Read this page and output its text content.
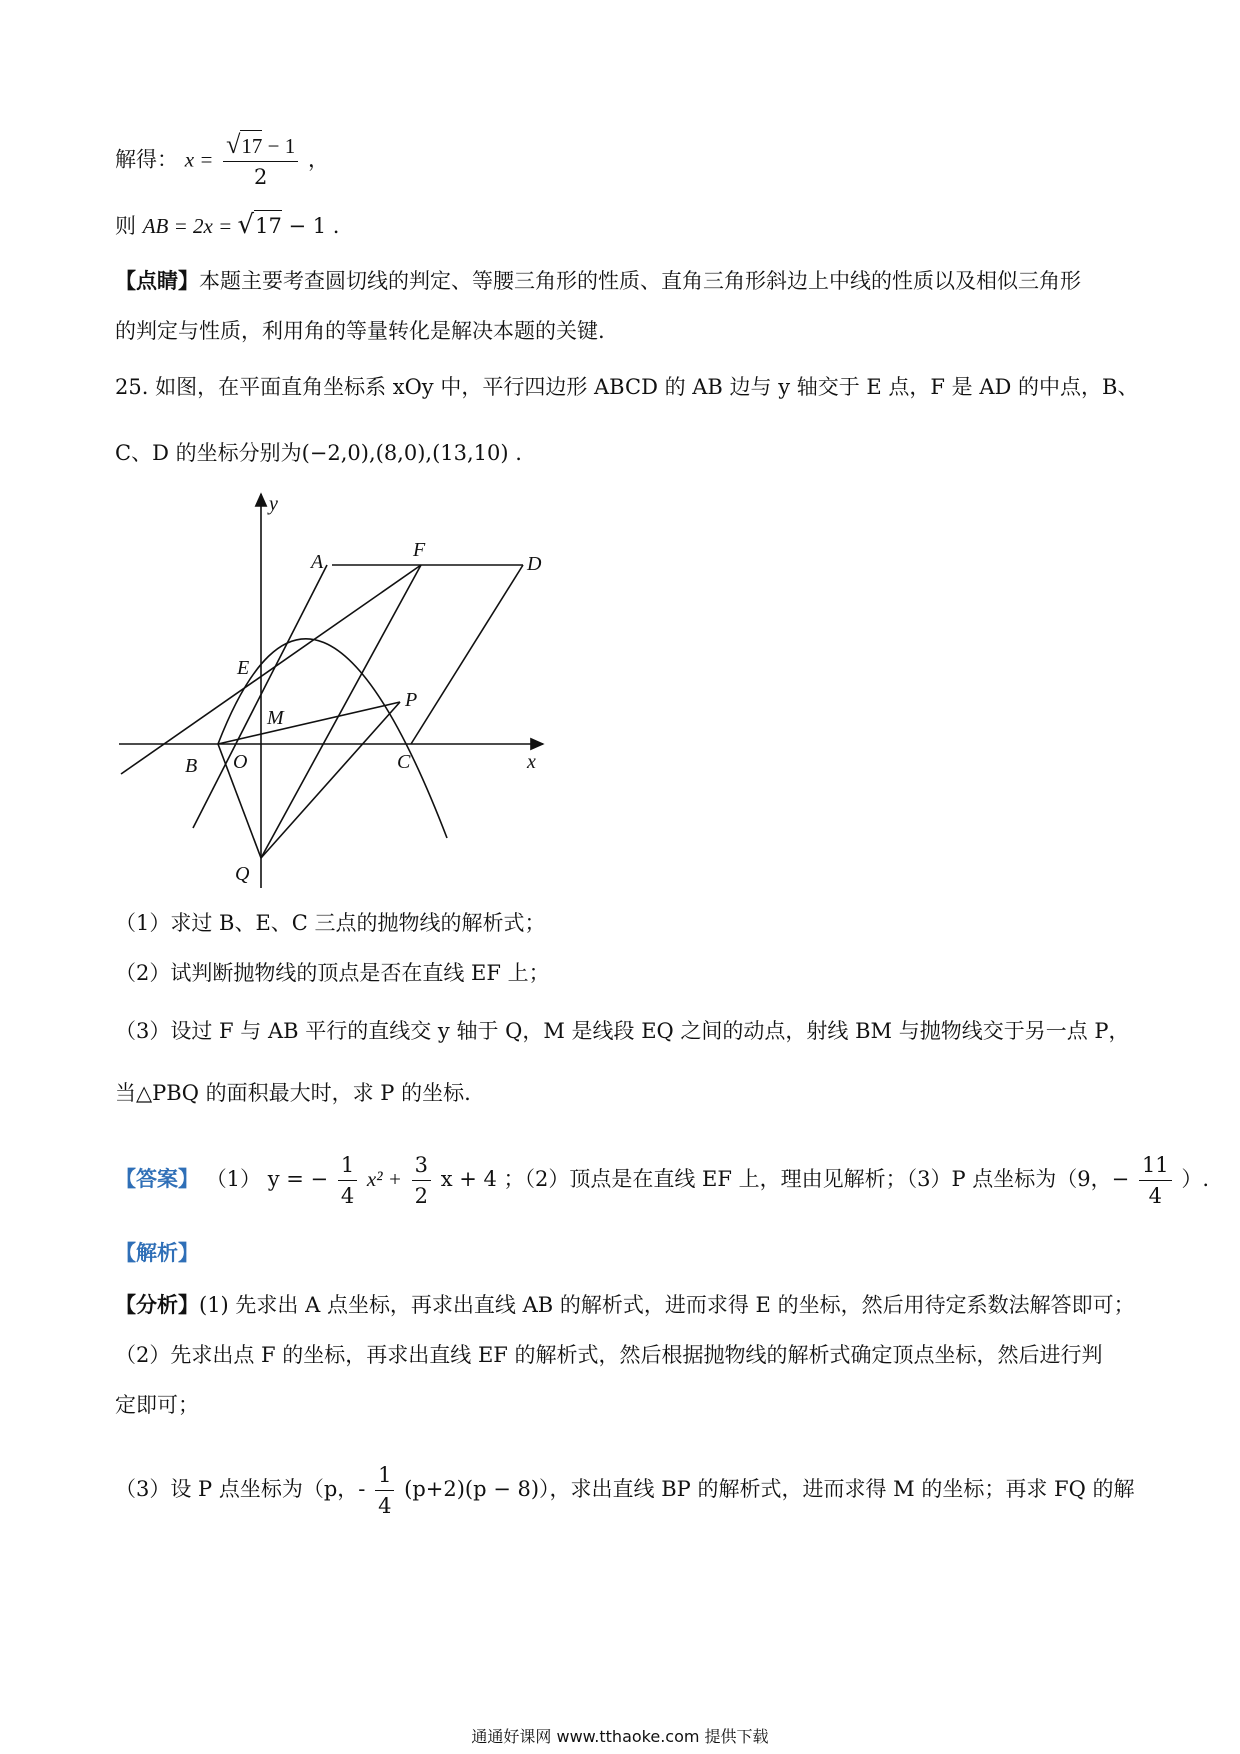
解得： $x = \frac{√17 - 1}{2}$ ，
则 AB = 2x = √17 − 1 .
【点睛】本题主要考查圆切线的判定、等腰三角形的性质、直角三角形斜边上中线的性质以及相似三角形
的判定与性质，利用角的等量转化是解决本题的关键.
25. 如图，在平面直角坐标系 xOy 中，平行四边形 ABCD 的 AB 边与 y 轴交于 E 点，F 是 AD 的中点，B、
C、D 的坐标分别为(−2,0),(8,0),(13,10) .
y
x
A
F
D
E
M
P
B O	C
Q
（1）求过 B、E、C 三点的抛物线的解析式；
（2）试判断抛物线的顶点是否在直线 EF 上；
（3）设过 F 与 AB 平行的直线交 y 轴于 Q，M 是线段 EQ 之间的动点，射线 BM 与抛物线交于另一点 P，
当△PBQ 的面积最大时，求 P 的坐标.
【答案】 （1） y = − $\frac{1}{4} x^2 + \frac{3}{2}$ x + 4 ；（2）顶点是在直线 EF 上，理由见解析；（3）P 点坐标为（9，− $\frac{11}{4}$ ）.
【解析】
【分析】(1) 先求出 A 点坐标，再求出直线 AB 的解析式，进而求得 E 的坐标，然后用待定系数法解答即可；
（2）先求出点 F 的坐标，再求出直线 EF 的解析式，然后根据抛物线的解析式确定顶点坐标，然后进行判
定即可；
（3）设 P 点坐标为（p，- $\frac{1}{4} (p+2)(p - 8)$），求出直线 BP 的解析式，进而求得 M 的坐标；再求 FQ 的解
通通好课网 www.tthaoke.com 提供下载
